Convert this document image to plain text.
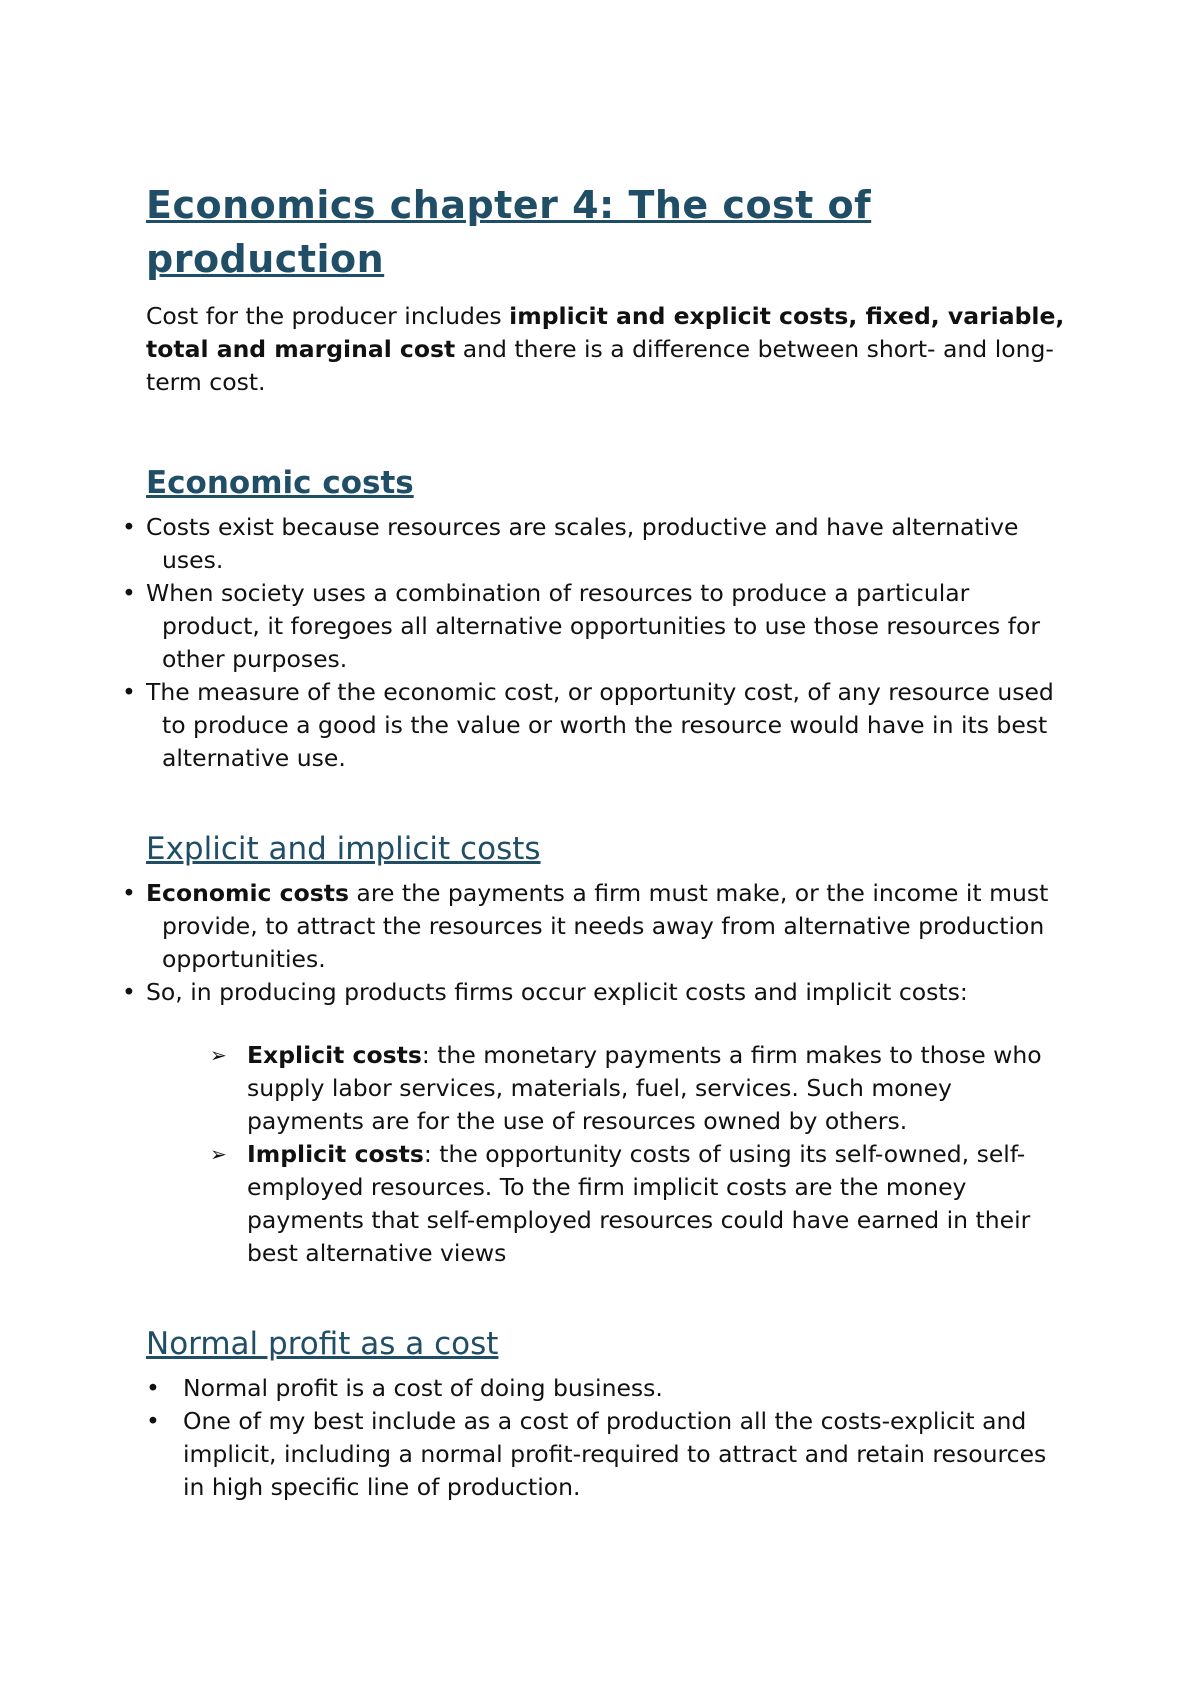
Economics chapter 4: The cost of
production

Cost for the producer includes implicit and explicit costs, fixed, variable, total and marginal cost and there is a difference between short- and long-term cost.

Economic costs
• Costs exist because resources are scales, productive and have alternative uses.
• When society uses a combination of resources to produce a particular product, it foregoes all alternative opportunities to use those resources for other purposes.
• The measure of the economic cost, or opportunity cost, of any resource used to produce a good is the value or worth the resource would have in its best alternative use.
Explicit and implicit costs
• Economic costs are the payments a firm must make, or the income it must provide, to attract the resources it needs away from alternative production opportunities.
• So, in producing products firms occur explicit costs and implicit costs:
➢ Explicit costs: the monetary payments a firm makes to those who supply labor services, materials, fuel, services. Such money payments are for the use of resources owned by others.
➢ Implicit costs: the opportunity costs of using its self-owned, self-employed resources. To the firm implicit costs are the money payments that self-employed resources could have earned in their best alternative views
Normal profit as a cost
• Normal profit is a cost of doing business.
• One of my best include as a cost of production all the costs-explicit and implicit, including a normal profit-required to attract and retain resources in high specific line of production.
